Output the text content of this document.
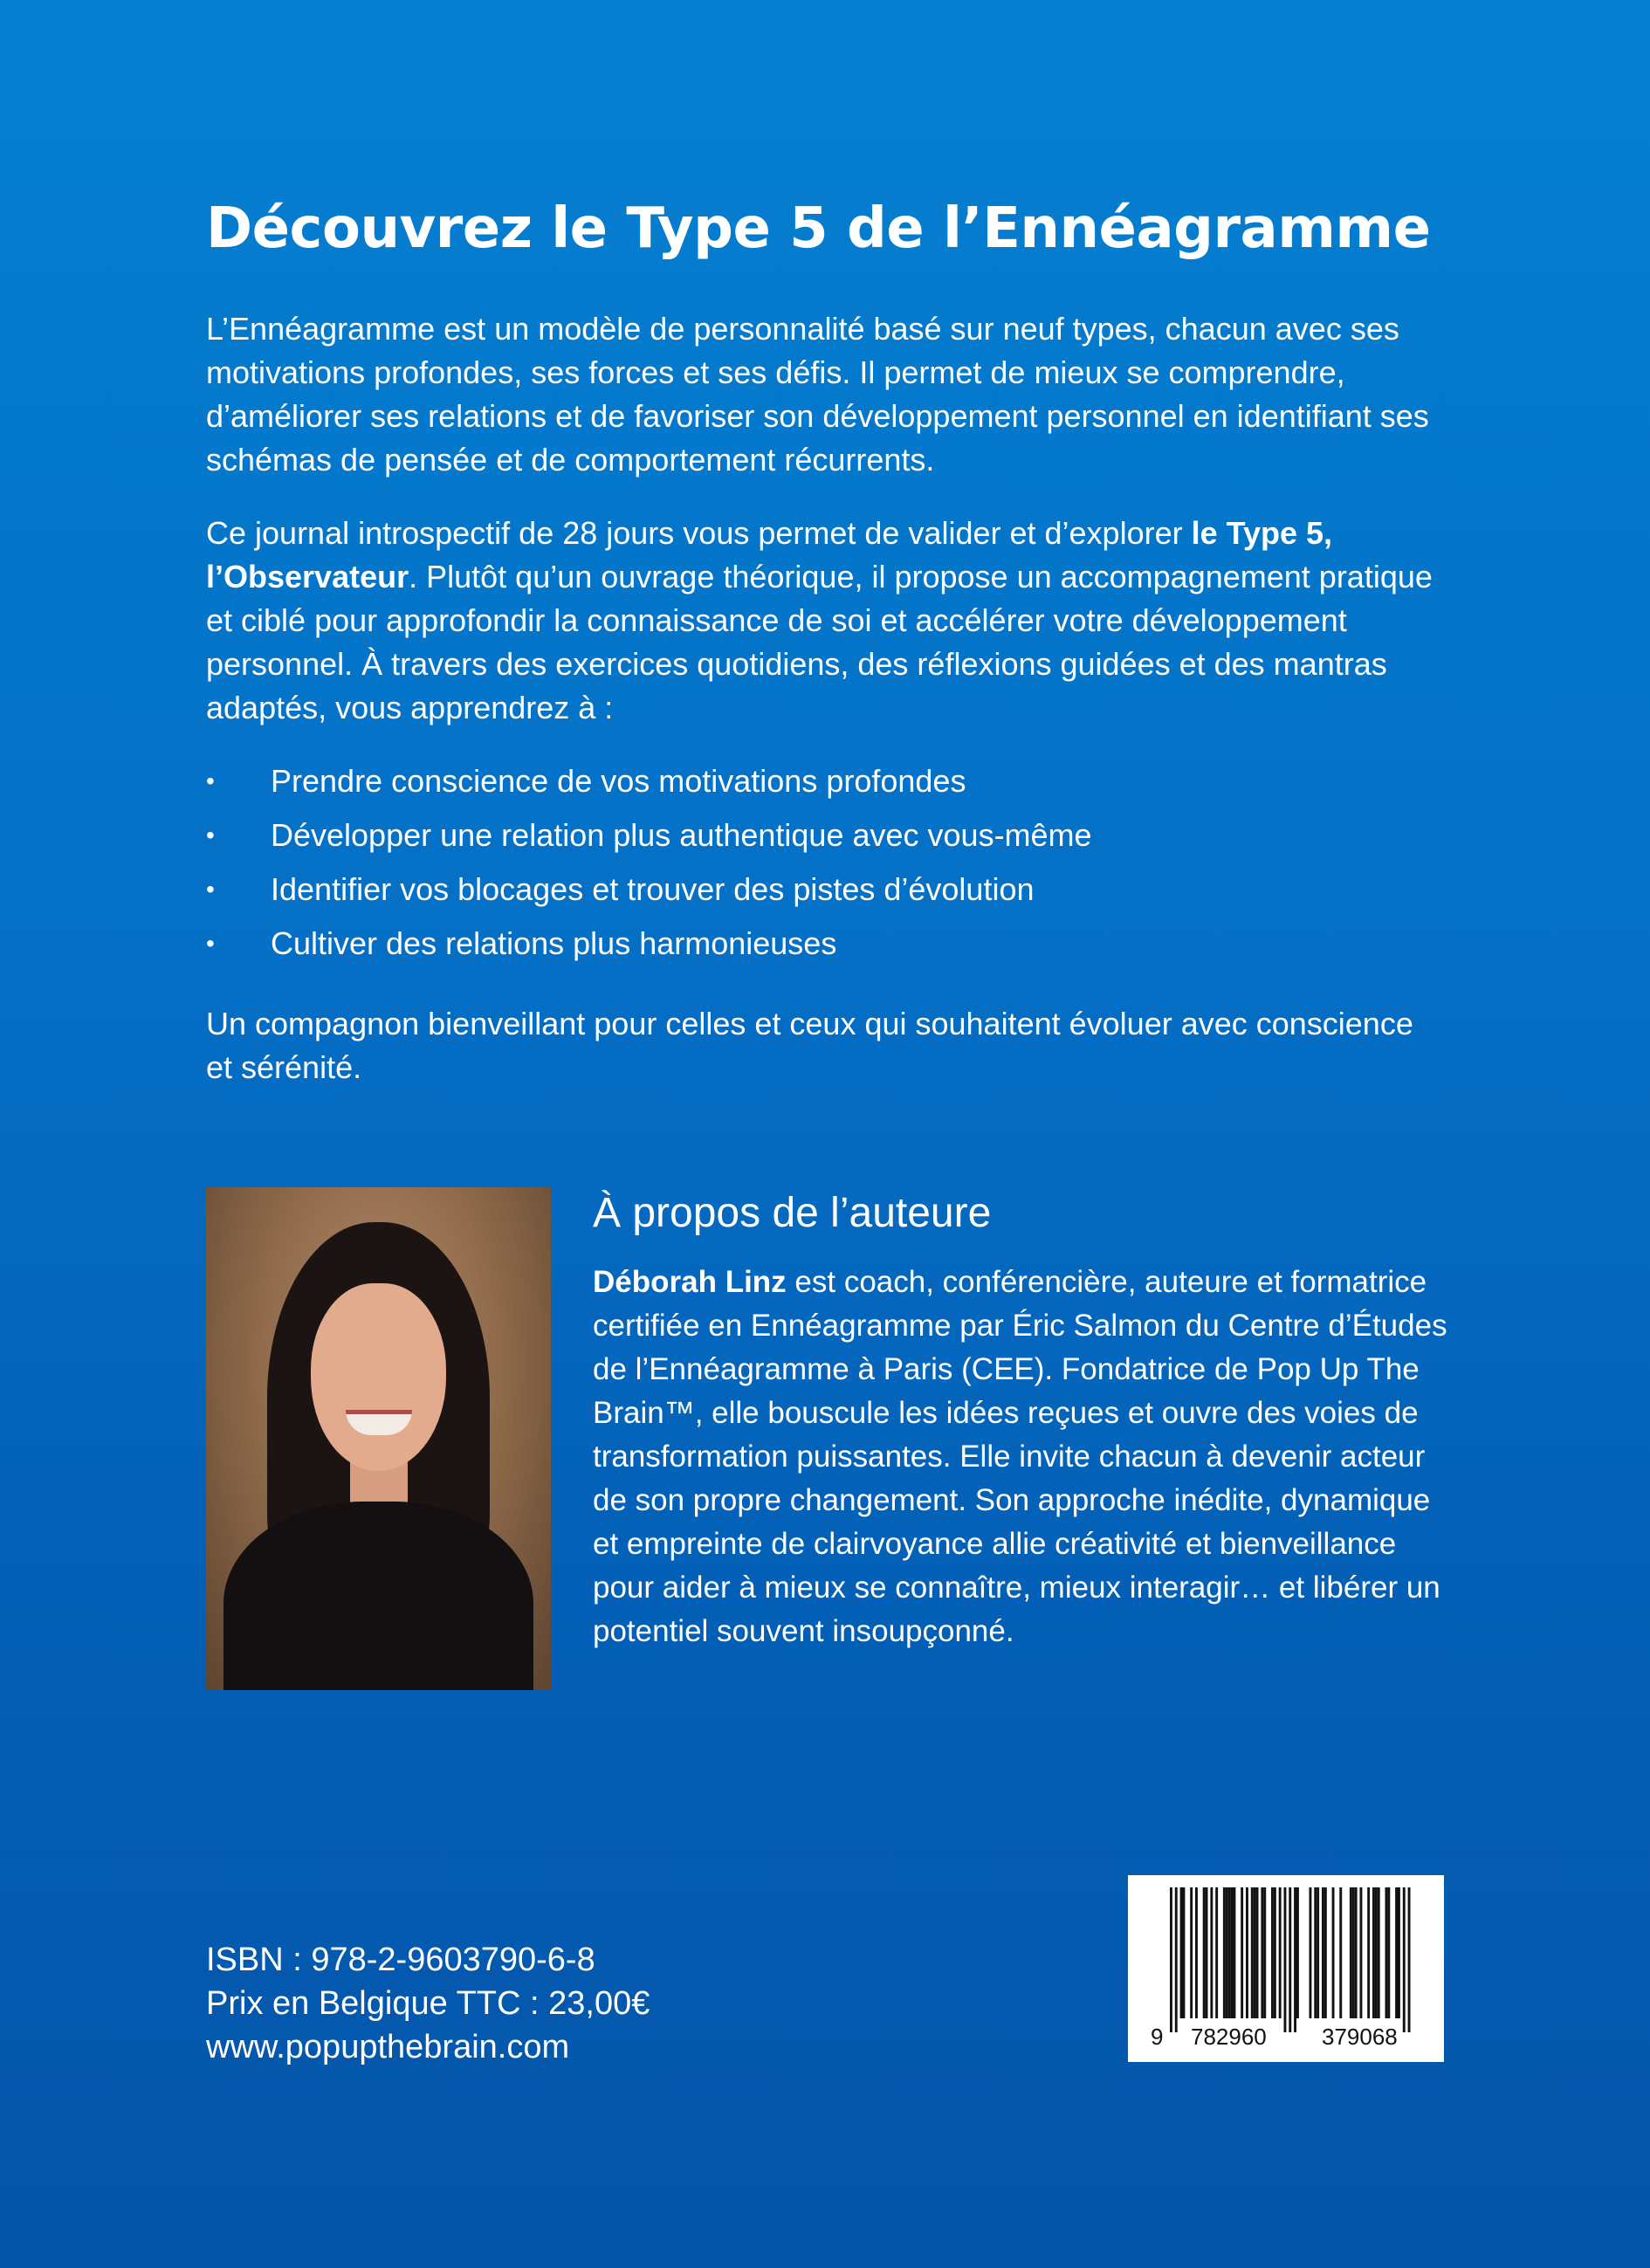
Découvrez le Type 5 de l’Ennéagramme

L’Ennéagramme est un modèle de personnalité basé sur neuf types, chacun avec ses motivations profondes, ses forces et ses défis. Il permet de mieux se comprendre, d’améliorer ses relations et de favoriser son développement personnel en identifiant ses schémas de pensée et de comportement récurrents.

Ce journal introspectif de 28 jours vous permet de valider et d’explorer le Type 5, l’Observateur. Plutôt qu’un ouvrage théorique, il propose un accompagnement pratique et ciblé pour approfondir la connaissance de soi et accélérer votre développement personnel. À travers des exercices quotidiens, des réflexions guidées et des mantras adaptés, vous apprendrez à :

•	Prendre conscience de vos motivations profondes
•	Développer une relation plus authentique avec vous-même
•	Identifier vos blocages et trouver des pistes d’évolution
•	Cultiver des relations plus harmonieuses

Un compagnon bienveillant pour celles et ceux qui souhaitent évoluer avec conscience et sérénité.

À propos de l’auteure

Déborah Linz est coach, conférencière, auteure et formatrice certifiée en Ennéagramme par Éric Salmon du Centre d’Études de l’Ennéagramme à Paris (CEE). Fondatrice de Pop Up The Brain™, elle bouscule les idées reçues et ouvre des voies de transformation puissantes. Elle invite chacun à devenir acteur de son propre changement. Son approche inédite, dynamique et empreinte de clairvoyance allie créativité et bienveillance pour aider à mieux se connaître, mieux interagir… et libérer un potentiel souvent insoupçonné.

ISBN : 978-2-9603790-6-8
Prix en Belgique TTC : 23,00€
www.popupthebrain.com	9 782960 379068
